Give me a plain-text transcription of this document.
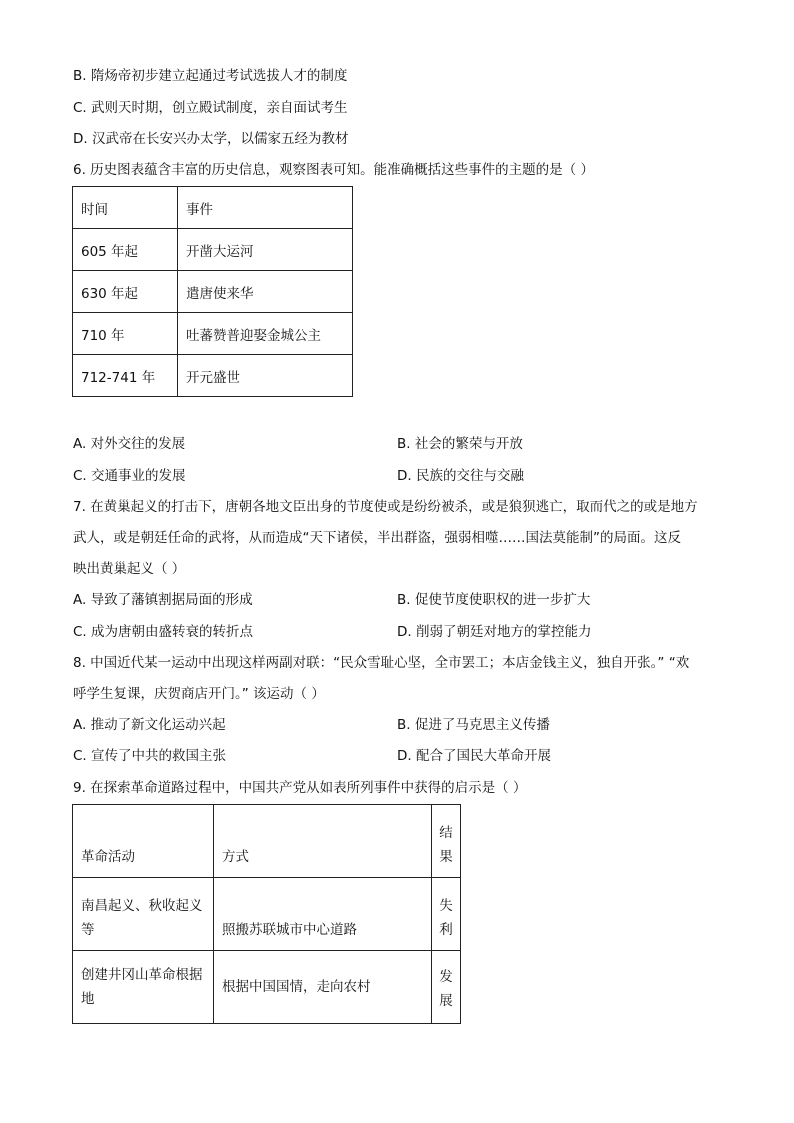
B. 隋炀帝初步建立起通过考试选拔人才的制度
C. 武则天时期，创立殿试制度，亲自面试考生
D. 汉武帝在长安兴办太学，以儒家五经为教材
6. 历史图表蕴含丰富的历史信息，观察图表可知。能准确概括这些事件的主题的是（ ）
时间	事件
605 年起	开凿大运河
630 年起	遣唐使来华
710 年	吐蕃赞普迎娶金城公主
712-741 年	开元盛世
A. 对外交往的发展	B. 社会的繁荣与开放
C. 交通事业的发展	D. 民族的交往与交融
7. 在黄巢起义的打击下，唐朝各地文臣出身的节度使或是纷纷被杀，或是狼狈逃亡，取而代之的或是地方
武人，或是朝廷任命的武将，从而造成“天下诸侯，半出群盗，强弱相噬……国法莫能制”的局面。这反
映出黄巢起义（ ）
A. 导致了藩镇割据局面的形成	B. 促使节度使职权的进一步扩大
C. 成为唐朝由盛转衰的转折点	D. 削弱了朝廷对地方的掌控能力
8. 中国近代某一运动中出现这样两副对联：“民众雪耻心坚，全市罢工；本店金钱主义，独自开张。” “欢
呼学生复课，庆贺商店开门。” 该运动（ ）
A. 推动了新文化运动兴起	B. 促进了马克思主义传播
C. 宣传了中共的救国主张	D. 配合了国民大革命开展
9. 在探索革命道路过程中，中国共产党从如表所列事件中获得的启示是（ ）
革命活动	方式	结果
南昌起义、秋收起义等	照搬苏联城市中心道路	失利
创建井冈山革命根据地	根据中国国情，走向农村	发展
